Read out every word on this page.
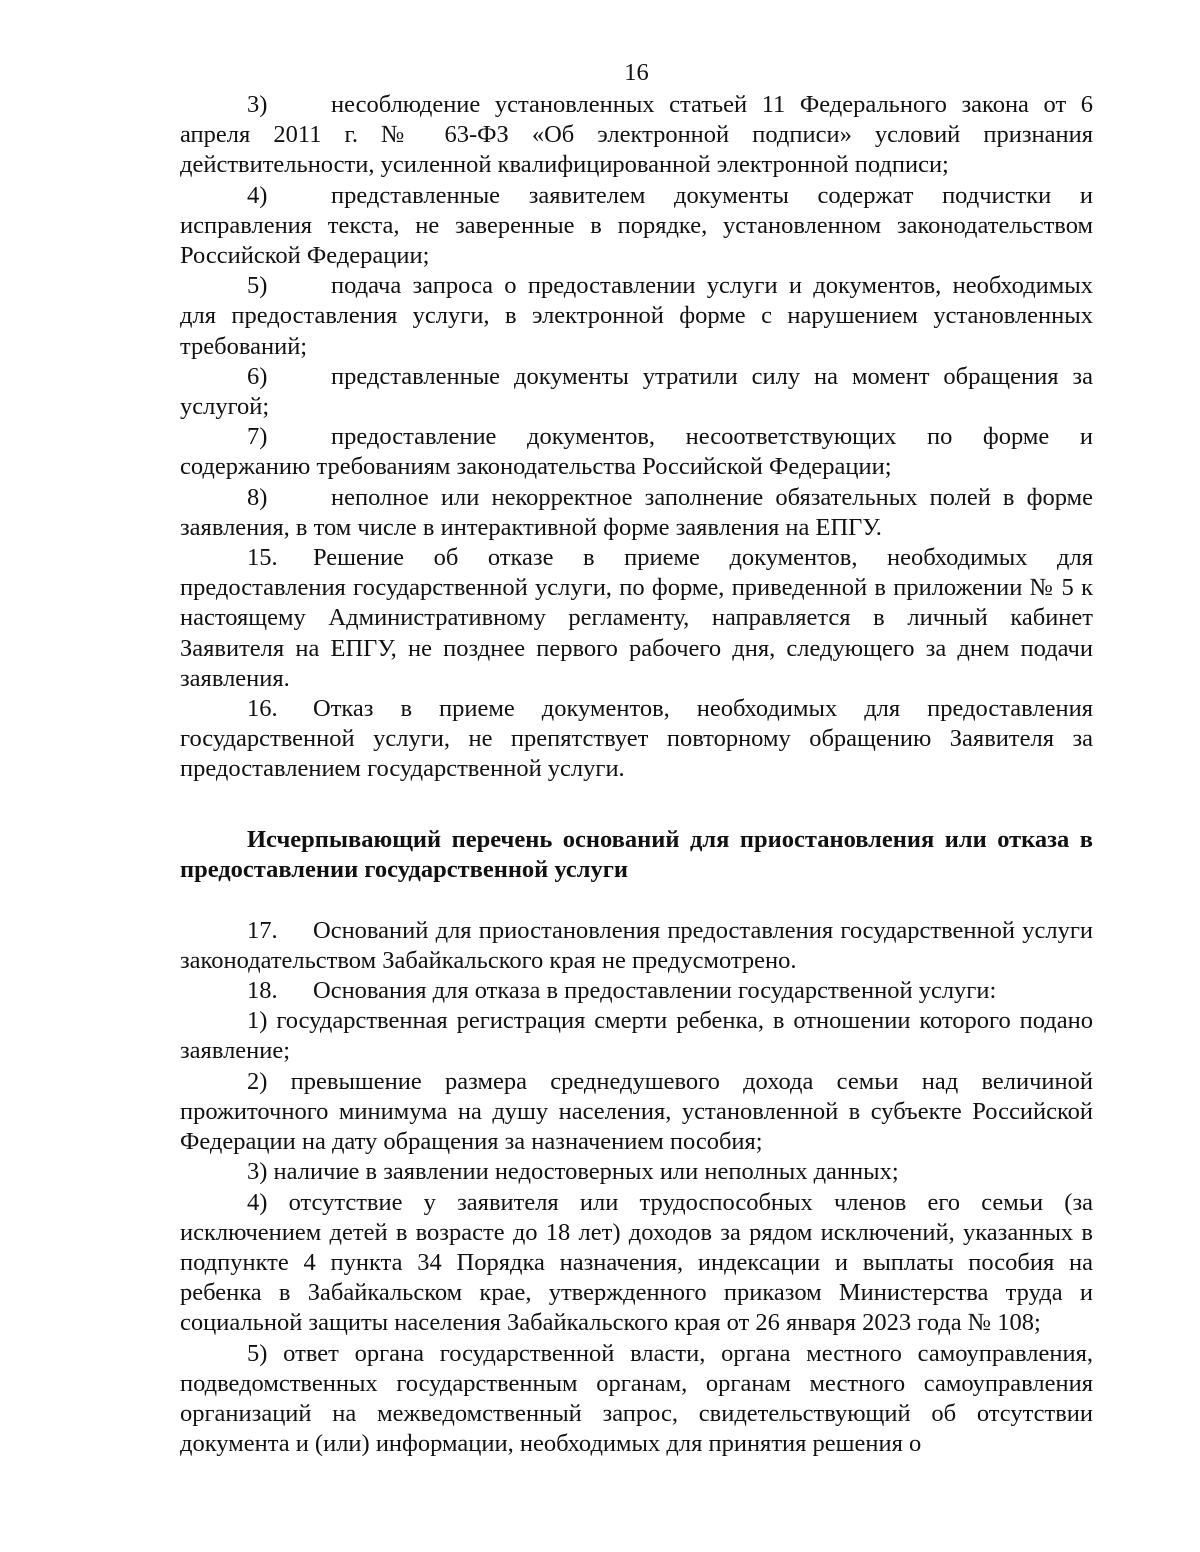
16

3)	несоблюдение установленных статьей 11 Федерального закона от 6 апреля 2011 г. № 63-ФЗ «Об электронной подписи» условий признания действительности, усиленной квалифицированной электронной подписи;

4)	представленные заявителем документы содержат подчистки и исправления текста, не заверенные в порядке, установленном законодательством Российской Федерации;

5)	подача запроса о предоставлении услуги и документов, необходимых для предоставления услуги, в электронной форме с нарушением установленных требований;

6)	представленные документы утратили силу на момент обращения за услугой;

7)	предоставление документов, несоответствующих по форме и содержанию требованиям законодательства Российской Федерации;

8)	неполное или некорректное заполнение обязательных полей в форме заявления, в том числе в интерактивной форме заявления на ЕПГУ.

15. Решение об отказе в приеме документов, необходимых для предоставления государственной услуги, по форме, приведенной в приложении № 5 к настоящему Административному регламенту, направляется в личный кабинет Заявителя на ЕПГУ, не позднее первого рабочего дня, следующего за днем подачи заявления.

16. Отказ в приеме документов, необходимых для предоставления государственной услуги, не препятствует повторному обращению Заявителя за предоставлением государственной услуги.

Исчерпывающий перечень оснований для приостановления или отказа в предоставлении государственной услуги

17. Оснований для приостановления предоставления государственной услуги законодательством Забайкальского края не предусмотрено.

18. Основания для отказа в предоставлении государственной услуги:

1) государственная регистрация смерти ребенка, в отношении которого подано заявление;

2) превышение размера среднедушевого дохода семьи над величиной прожиточного минимума на душу населения, установленной в субъекте Российской Федерации на дату обращения за назначением пособия;

3) наличие в заявлении недостоверных или неполных данных;

4) отсутствие у заявителя или трудоспособных членов его семьи (за исключением детей в возрасте до 18 лет) доходов за рядом исключений, указанных в подпункте 4 пункта 34 Порядка назначения, индексации и выплаты пособия на ребенка в Забайкальском крае, утвержденного приказом Министерства труда и социальной защиты населения Забайкальского края от 26 января 2023 года № 108;

5) ответ органа государственной власти, органа местного самоуправления, подведомственных государственным органам, органам местного самоуправления организаций на межведомственный запрос, свидетельствующий об отсутствии документа и (или) информации, необходимых для принятия решения о
